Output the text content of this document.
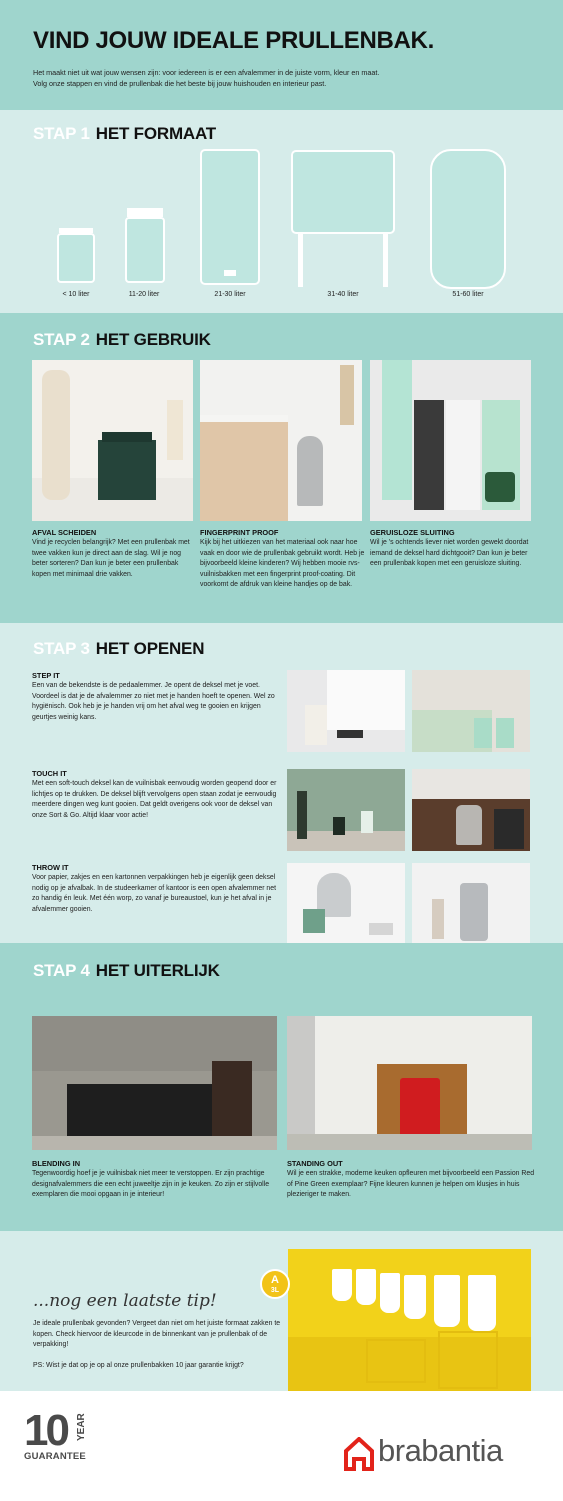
VIND JOUW IDEALE PRULLENBAK.
Het maakt niet uit wat jouw wensen zijn: voor iedereen is er een afvalemmer in de juiste vorm, kleur en maat.
Volg onze stappen en vind de prullenbak die het beste bij jouw huishouden en interieur past.
STAP 1 HET FORMAAT
< 10 liter	11-20 liter	21-30 liter	31-40 liter	51-60 liter
STAP 2 HET GEBRUIK
AFVAL SCHEIDEN
Vind je recyclen belangrijk? Met een prullenbak met twee vakken kun je direct aan de slag. Wil je nog beter sorteren? Dan kun je beter een prullenbak kopen met minimaal drie vakken.
FINGERPRINT PROOF
Kijk bij het uitkiezen van het materiaal ook naar hoe vaak en door wie de prullenbak gebruikt wordt. Heb je bijvoorbeeld kleine kinderen? Wij hebben mooie rvs-vuilnisbakken met een fingerprint proof-coating. Dit voorkomt de afdruk van kleine handjes op de bak.
GERUISLOZE SLUITING
Wil je 's ochtends liever niet worden gewekt doordat iemand de deksel hard dichtgooit? Dan kun je beter een prullenbak kopen met een geruisloze sluiting.
STAP 3 HET OPENEN
STEP IT
Een van de bekendste is de pedaalemmer. Je opent de deksel met je voet. Voordeel is dat je de afvalemmer zo niet met je handen hoeft te openen. Wel zo hygiënisch. Ook heb je je handen vrij om het afval weg te gooien en krijgen geurtjes weinig kans.
TOUCH IT
Met een soft-touch deksel kan de vuilnisbak eenvoudig worden geopend door er lichtjes op te drukken. De deksel blijft vervolgens open staan zodat je eenvoudig meerdere dingen weg kunt gooien. Dat geldt overigens ook voor de deksel van onze Sort & Go. Altijd klaar voor actie!
THROW IT
Voor papier, zakjes en een kartonnen verpakkingen heb je eigenlijk geen deksel nodig op je afvalbak. In de studeerkamer of kantoor is een open afvalemmer net zo handig én leuk. Met één worp, zo vanaf je bureaustoel, kun je het afval in je afvalemmer gooien.
STAP 4 HET UITERLIJK
BLENDING IN
Tegenwoordig hoef je je vuilnisbak niet meer te verstoppen. Er zijn prachtige designafvalemmers die een echt juweeltje zijn in je keuken. Zo zijn er stijlvolle exemplaren die mooi opgaan in je interieur!
STANDING OUT
Wil je een strakke, moderne keuken opfleuren met bijvoorbeeld een Passion Red of Pine Green exemplaar? Fijne kleuren kunnen je helpen om klusjes in huis plezieriger te maken.
...nog een laatste tip!
Je ideale prullenbak gevonden? Vergeet dan niet om het juiste formaat zakken te kopen. Check hiervoor de kleurcode in de binnenkant van je prullenbak of de verpakking!
PS: Wist je dat op je op al onze prullenbakken 10 jaar garantie krijgt?
A
3L
10 YEAR
GUARANTEE	brabantia
